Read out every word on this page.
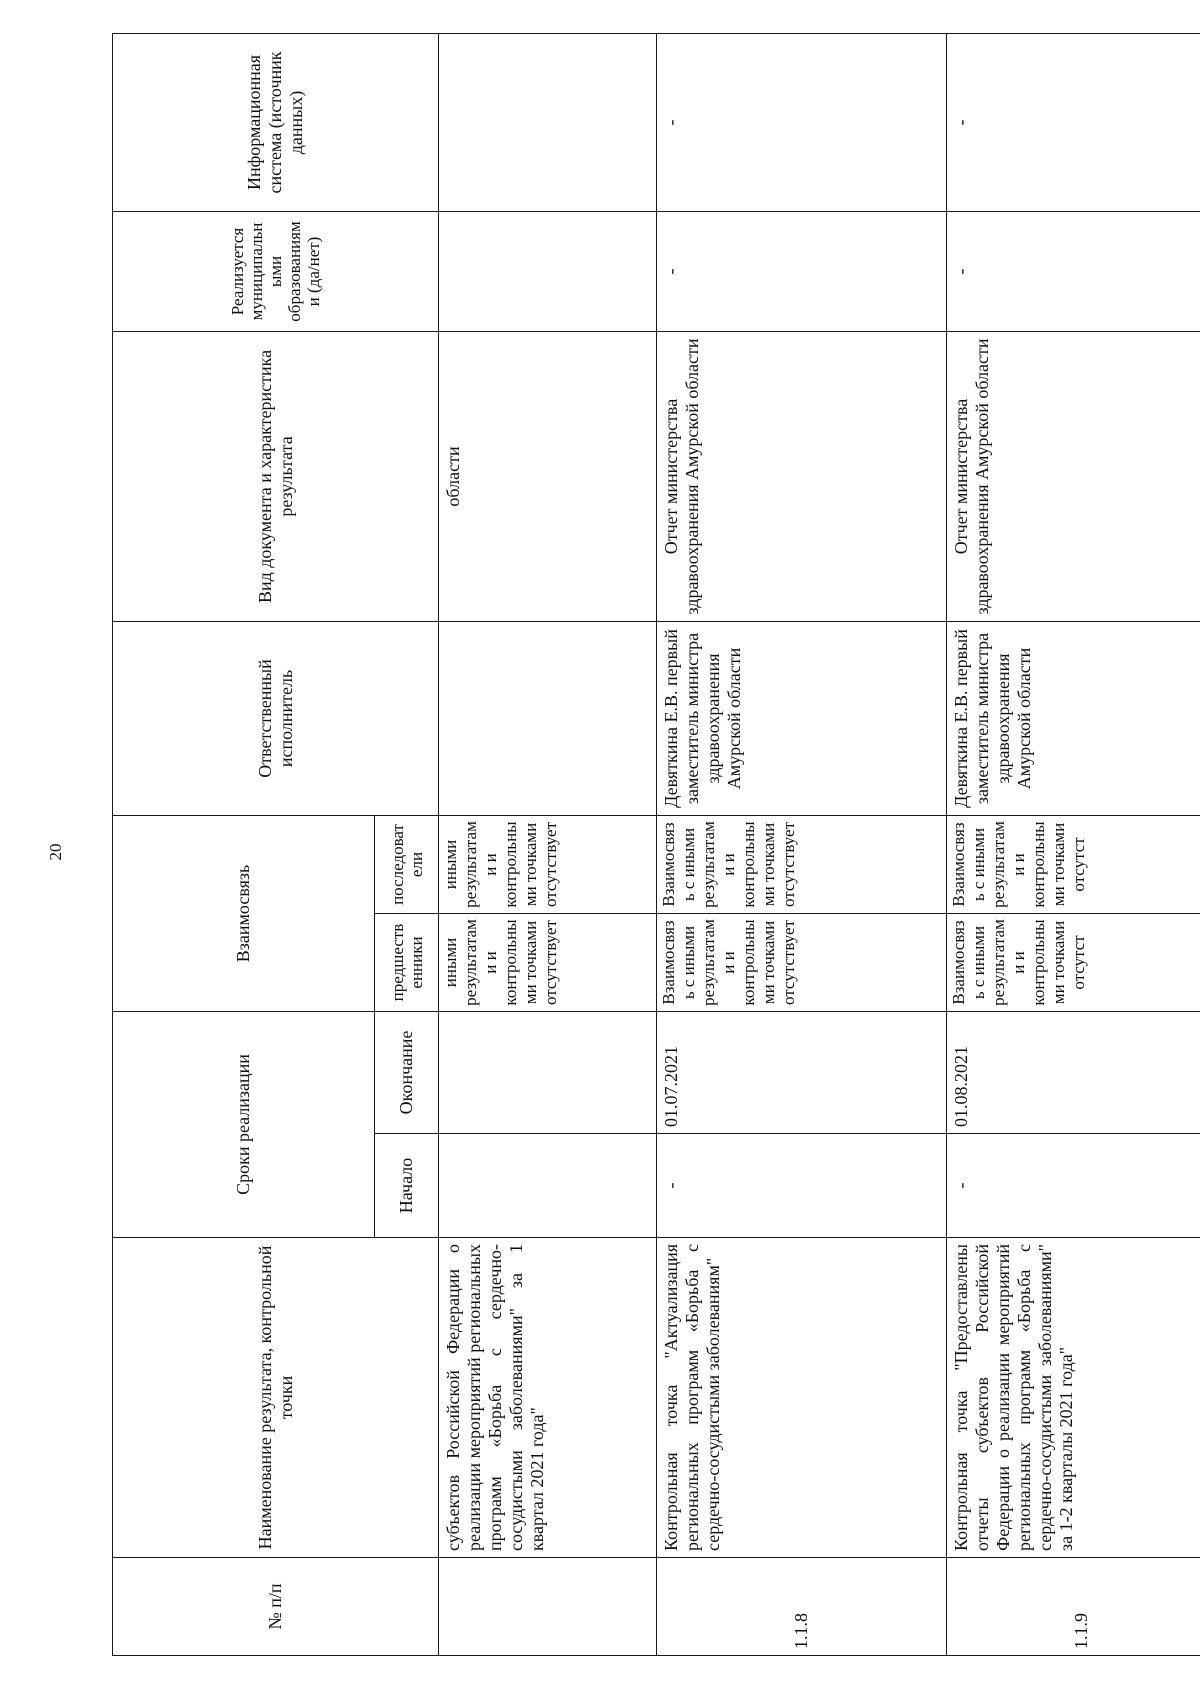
20
№ п/п	Наименование результата, контрольной точки	Сроки реализации		Взаимосвязь		Ответственный исполнитель	Вид документа и характеристика результата	Реализуется муниципальными образованиями (да/нет)	Информационная система (источник данных)
		Начало	Окончание	предшественники	последователи				
	субъектов Российской Федерации о реализации мероприятий региональных программ «Борьба с сердечно-сосудистыми заболеваниями" за 1 квартал 2021 года"			иными результатами и контрольными точками отсутствует	иными результатами и контрольными точками отсутствует		области		
1.1.8	Контрольная точка "Актуализация региональных программ «Борьба с сердечно-сосудистыми заболеваниям"	-	01.07.2021	Взаимосвязь с иными результатами и контрольными точками отсутствует	Взаимосвязь с иными результатами и контрольными точками отсутствует	Девяткина Е.В. первый заместитель министра здравоохранения Амурской области	Отчет министерства здравоохранения Амурской области	-	-
1.1.9	Контрольная точка "Предоставлены отчеты субъектов Российской Федерации о реализации мероприятий региональных программ «Борьба с сердечно-сосудистыми заболеваниями" за 1-2 кварталы 2021 года"	-	01.08.2021	Взаимосвязь с иными результатами и контрольными точками отсутст	Взаимосвязь с иными результатами и контрольными точками отсутст	Девяткина Е.В. первый заместитель министра здравоохранения Амурской области	Отчет министерства здравоохранения Амурской области	-	-
